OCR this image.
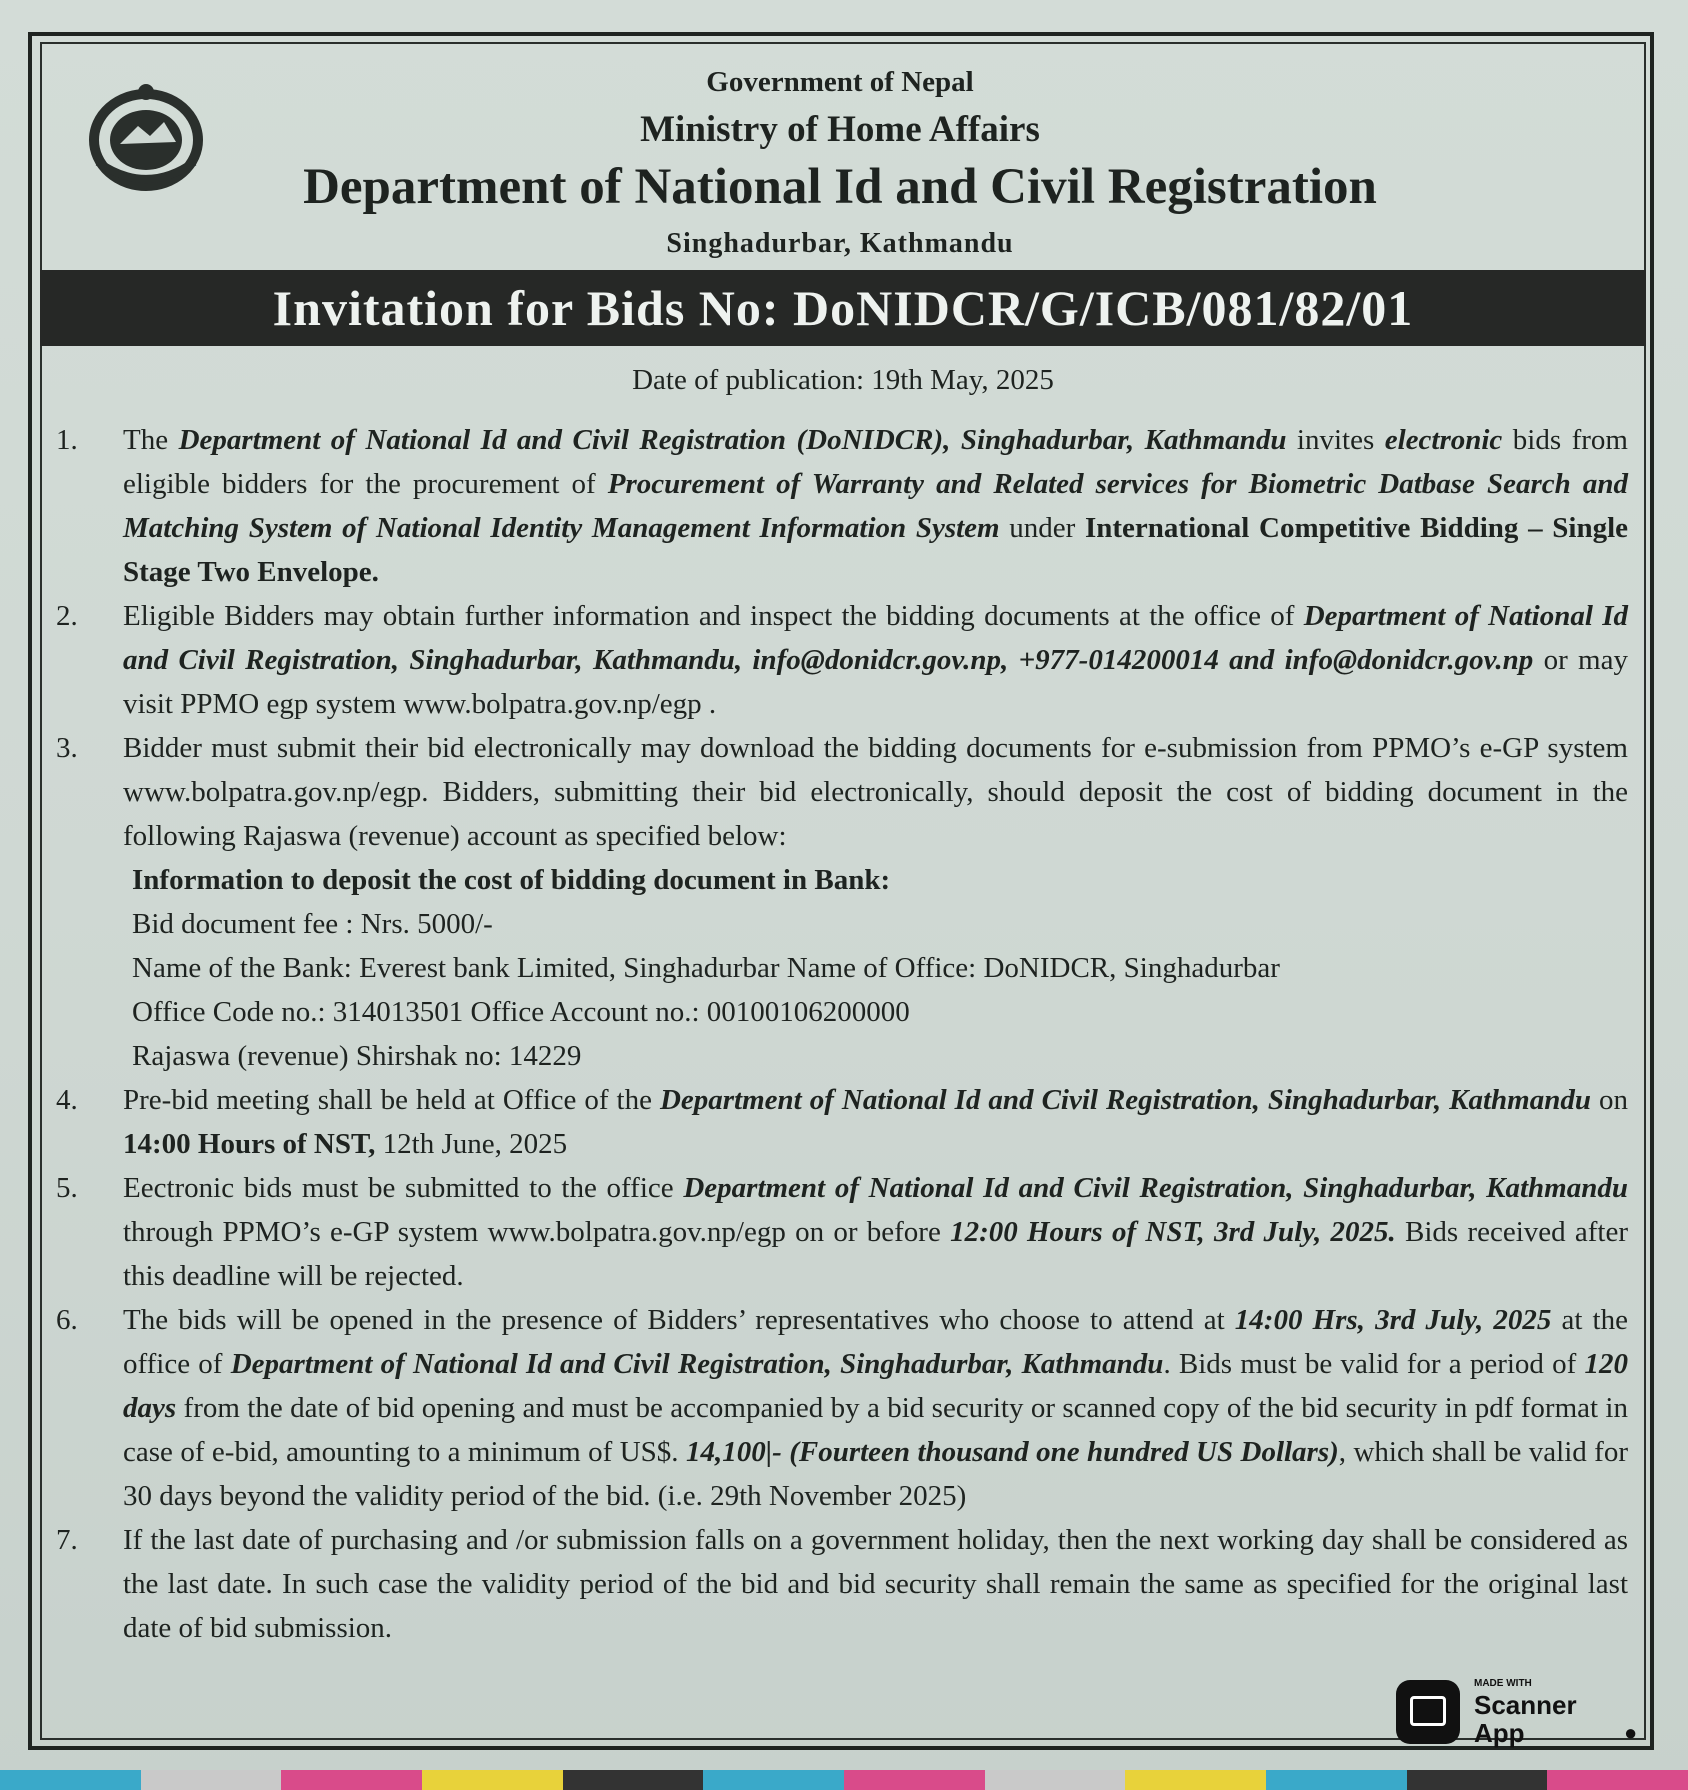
Government of Nepal
Ministry of Home Affairs
Department of National Id and Civil Registration
Singhadurbar, Kathmandu
Invitation for Bids No: DoNIDCR/G/ICB/081/82/01
Date of publication: 19th May, 2025

1. The Department of National Id and Civil Registration (DoNIDCR), Singhadurbar, Kathmandu invites electronic bids from eligible bidders for the procurement of Procurement of Warranty and Related services for Biometric Datbase Search and Matching System of National Identity Management Information System under International Competitive Bidding – Single Stage Two Envelope.

2. Eligible Bidders may obtain further information and inspect the bidding documents at the office of Department of National Id and Civil Registration, Singhadurbar, Kathmandu, info@donidcr.gov.np, +977-014200014 and info@donidcr.gov.np or may visit PPMO egp system www.bolpatra.gov.np/egp .

3. Bidder must submit their bid electronically may download the bidding documents for e-submission from PPMO’s e-GP system www.bolpatra.gov.np/egp. Bidders, submitting their bid electronically, should deposit the cost of bidding document in the following Rajaswa (revenue) account as specified below:

Information to deposit the cost of bidding document in Bank:

Bid document fee : Nrs. 5000/-

Name of the Bank: Everest bank Limited, Singhadurbar Name of Office: DoNIDCR, Singhadurbar

Office Code no.: 314013501 Office Account no.: 00100106200000

Rajaswa (revenue) Shirshak no: 14229

4. Pre-bid meeting shall be held at Office of the Department of National Id and Civil Registration, Singhadurbar, Kathmandu on 14:00 Hours of NST, 12th June, 2025

5. Eectronic bids must be submitted to the office Department of National Id and Civil Registration, Singhadurbar, Kathmandu through PPMO’s e-GP system www.bolpatra.gov.np/egp on or before 12:00 Hours of NST, 3rd July, 2025. Bids received after this deadline will be rejected.

6. The bids will be opened in the presence of Bidders’ representatives who choose to attend at 14:00 Hrs, 3rd July, 2025 at the office of Department of National Id and Civil Registration, Singhadurbar, Kathmandu. Bids must be valid for a period of 120 days from the date of bid opening and must be accompanied by a bid security or scanned copy of the bid security in pdf format in case of e-bid, amounting to a minimum of US$. 14,100|- (Fourteen thousand one hundred US Dollars), which shall be valid for 30 days beyond the validity period of the bid. (i.e. 29th November 2025)

7. If the last date of purchasing and /or submission falls on a government holiday, then the next working day shall be considered as the last date. In such case the validity period of the bid and bid security shall remain the same as specified for the original last date of bid submission.

MADE WITH
Scanner
App	●
